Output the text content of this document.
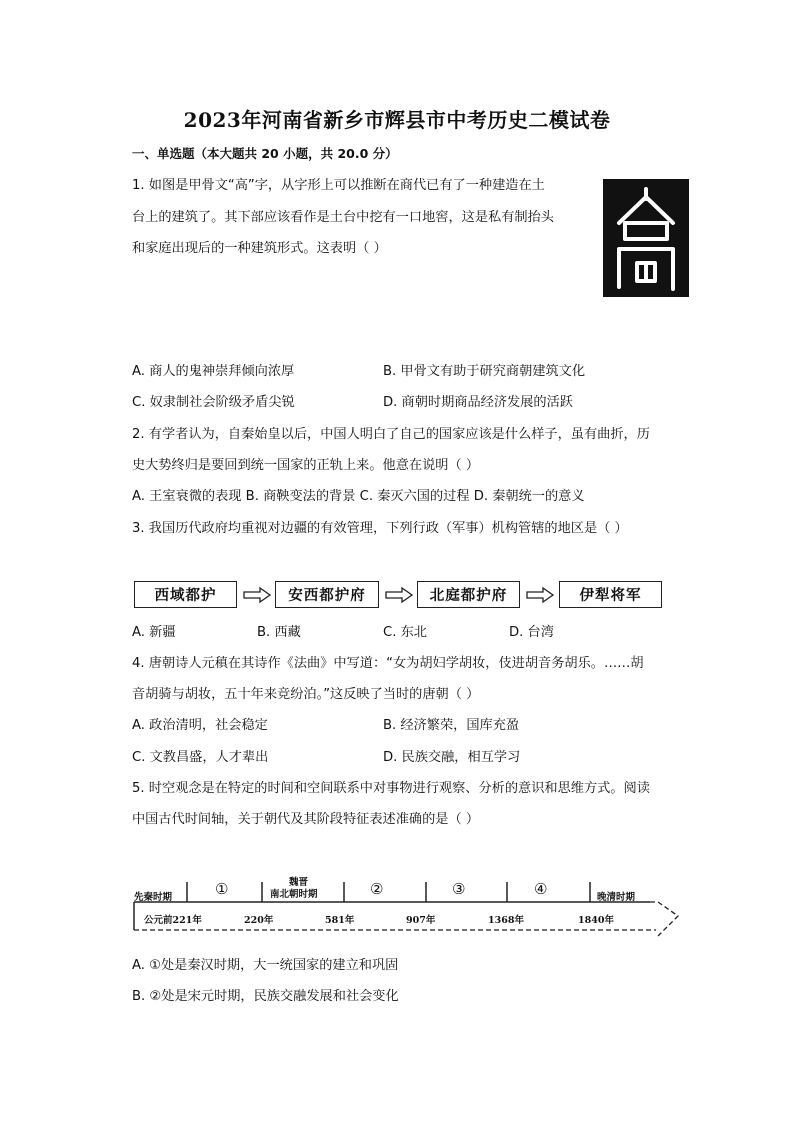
2023年河南省新乡市辉县市中考历史二模试卷
一、单选题（本大题共 20 小题，共 20.0 分）
1. 如图是甲骨文“高”字，从字形上可以推断在商代已有了一种建造在土
台上的建筑了。其下部应该看作是土台中挖有一口地窖，这是私有制抬头
和家庭出现后的一种建筑形式。这表明（ ）
A. 商人的鬼神崇拜倾向浓厚	B. 甲骨文有助于研究商朝建筑文化
C. 奴隶制社会阶级矛盾尖锐	D. 商朝时期商品经济发展的活跃
2. 有学者认为，自秦始皇以后，中国人明白了自己的国家应该是什么样子，虽有曲折，历
史大势终归是要回到统一国家的正轨上来。他意在说明（ ）
A. 王室衰微的表现 B. 商鞅变法的背景 C. 秦灭六国的过程 D. 秦朝统一的意义
3. 我国历代政府均重视对边疆的有效管理，下列行政（军事）机构管辖的地区是（ ）
西域都护	安西都护府	北庭都护府	伊犁将军
A. 新疆	B. 西藏	C. 东北	D. 台湾
4. 唐朝诗人元稹在其诗作《法曲》中写道：“女为胡妇学胡妆，伎进胡音务胡乐。……胡
音胡骑与胡妆，五十年来竞纷泊。”这反映了当时的唐朝（ ）
A. 政治清明，社会稳定	B. 经济繁荣，国库充盈
C. 文教昌盛，人才辈出	D. 民族交融，相互学习
5. 时空观念是在特定的时间和空间联系中对事物进行观察、分析的意识和思维方式。阅读
中国古代时间轴，关于朝代及其阶段特征表述准确的是（ ）
先秦时期	①	魏晋
南北朝时期	②	③	④	晚清时期
公元前221年	220年	581年	907年	1368年	1840年
A. ①处是秦汉时期，大一统国家的建立和巩固
B. ②处是宋元时期，民族交融发展和社会变化
